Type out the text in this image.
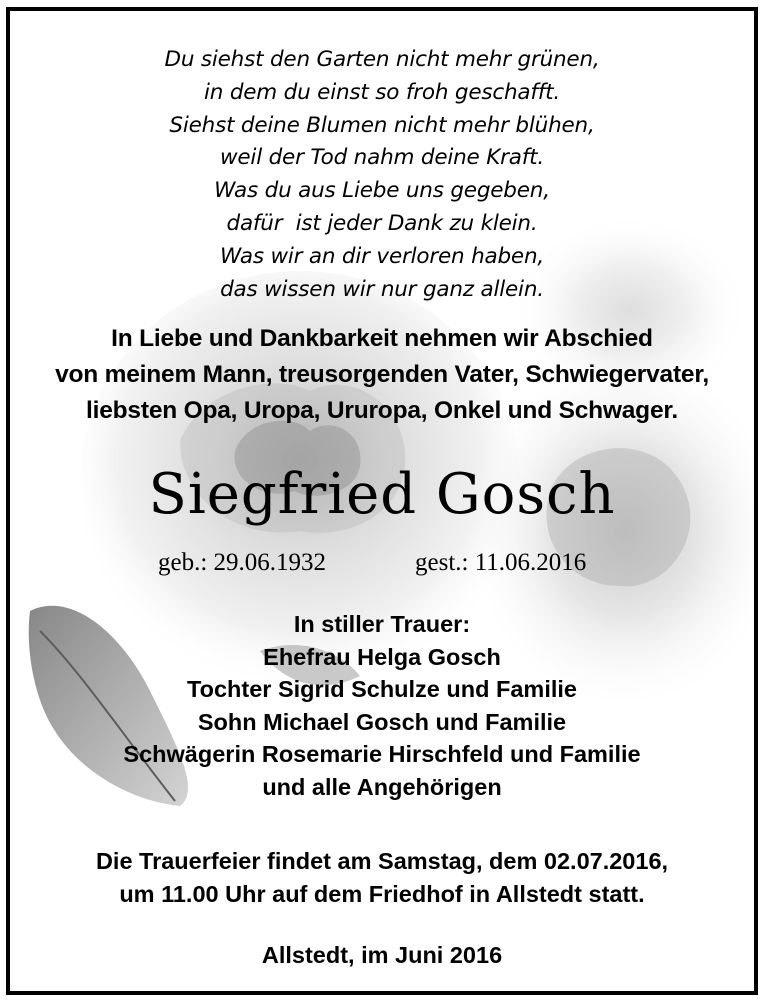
Du siehst den Garten nicht mehr grünen,
in dem du einst so froh geschafft.
Siehst deine Blumen nicht mehr blühen,
weil der Tod nahm deine Kraft.
Was du aus Liebe uns gegeben,
dafür  ist jeder Dank zu klein.
Was wir an dir verloren haben,
das wissen wir nur ganz allein.
In Liebe und Dankbarkeit nehmen wir Abschied
von meinem Mann, treusorgenden Vater, Schwiegervater,
liebsten Opa, Uropa, Ururopa, Onkel und Schwager.
Siegfried Gosch
geb.: 29.06.1932	gest.: 11.06.2016
In stiller Trauer:
Ehefrau Helga Gosch
Tochter Sigrid Schulze und Familie
Sohn Michael Gosch und Familie
Schwägerin Rosemarie Hirschfeld und Familie
und alle Angehörigen
Die Trauerfeier findet am Samstag, dem 02.07.2016,
um 11.00 Uhr auf dem Friedhof in Allstedt statt.
Allstedt, im Juni 2016
